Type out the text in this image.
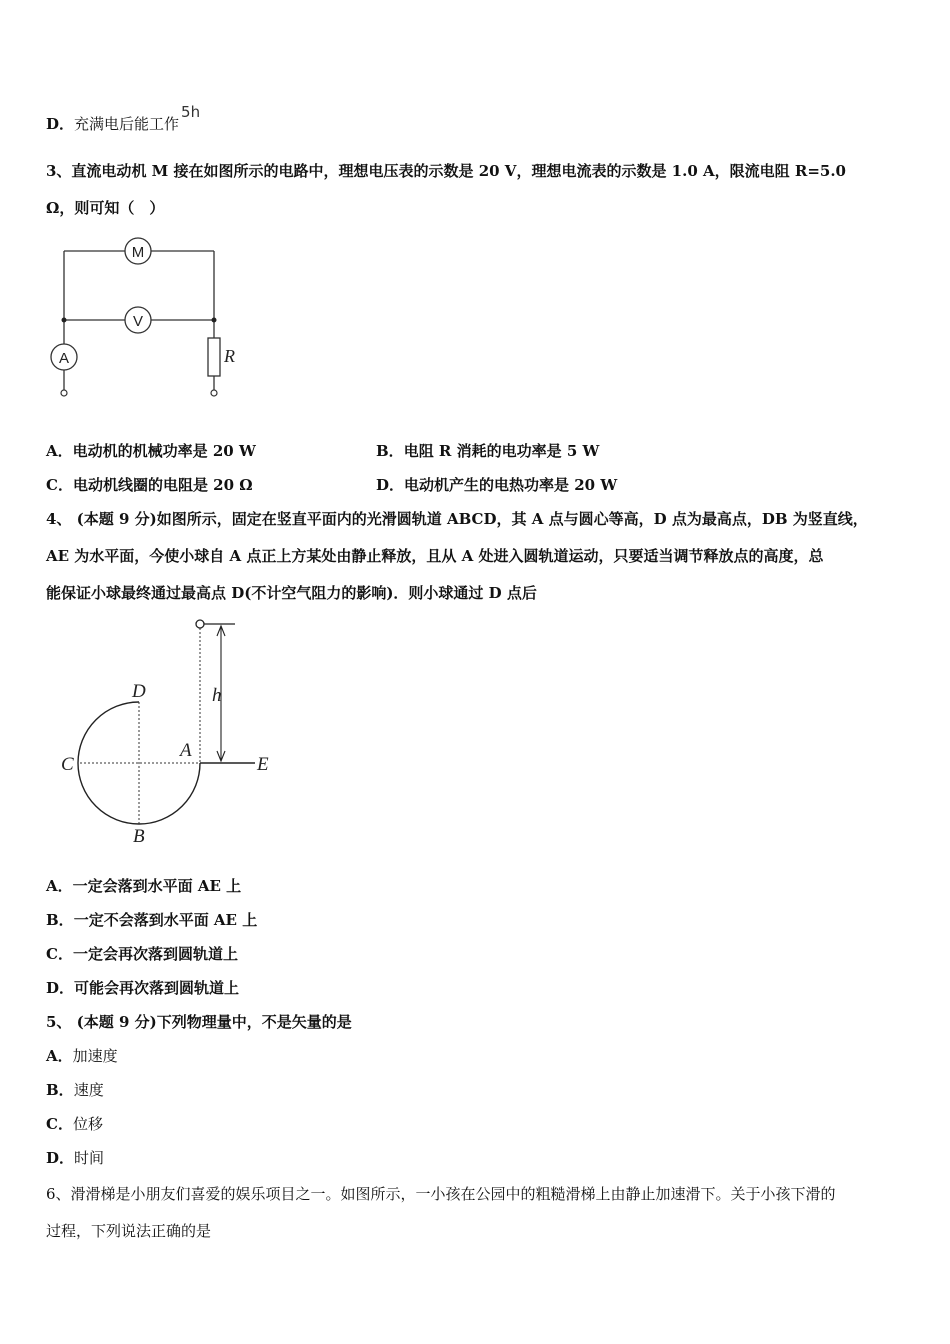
D．充满电后能工作5h
3、直流电动机 M 接在如图所示的电路中，理想电压表的示数是 20 V，理想电流表的示数是 1.0 A，限流电阻 R=5.0
Ω，则可知（　）
M
V
A	R
A．电动机的机械功率是 20 W	B．电阻 R 消耗的电功率是 5 W
C．电动机线圈的电阻是 20 Ω	D．电动机产生的电热功率是 20 W
4、 (本题 9 分)如图所示，固定在竖直平面内的光滑圆轨道 ABCD，其 A 点与圆心等高，D 点为最高点，DB 为竖直线，
AE 为水平面，今使小球自 A 点正上方某处由静止释放，且从 A 处进入圆轨道运动，只要适当调节释放点的高度，总
能保证小球最终通过最高点 D(不计空气阻力的影响)．则小球通过 D 点后
h
D
C
A
E
B
A．一定会落到水平面 AE 上
B．一定不会落到水平面 AE 上
C．一定会再次落到圆轨道上
D．可能会再次落到圆轨道上
5、 (本题 9 分)下列物理量中，不是矢量的是
A．加速度
B．速度
C．位移
D．时间
6、滑滑梯是小朋友们喜爱的娱乐项目之一。如图所示，一小孩在公园中的粗糙滑梯上由静止加速滑下。关于小孩下滑的
过程，下列说法正确的是
